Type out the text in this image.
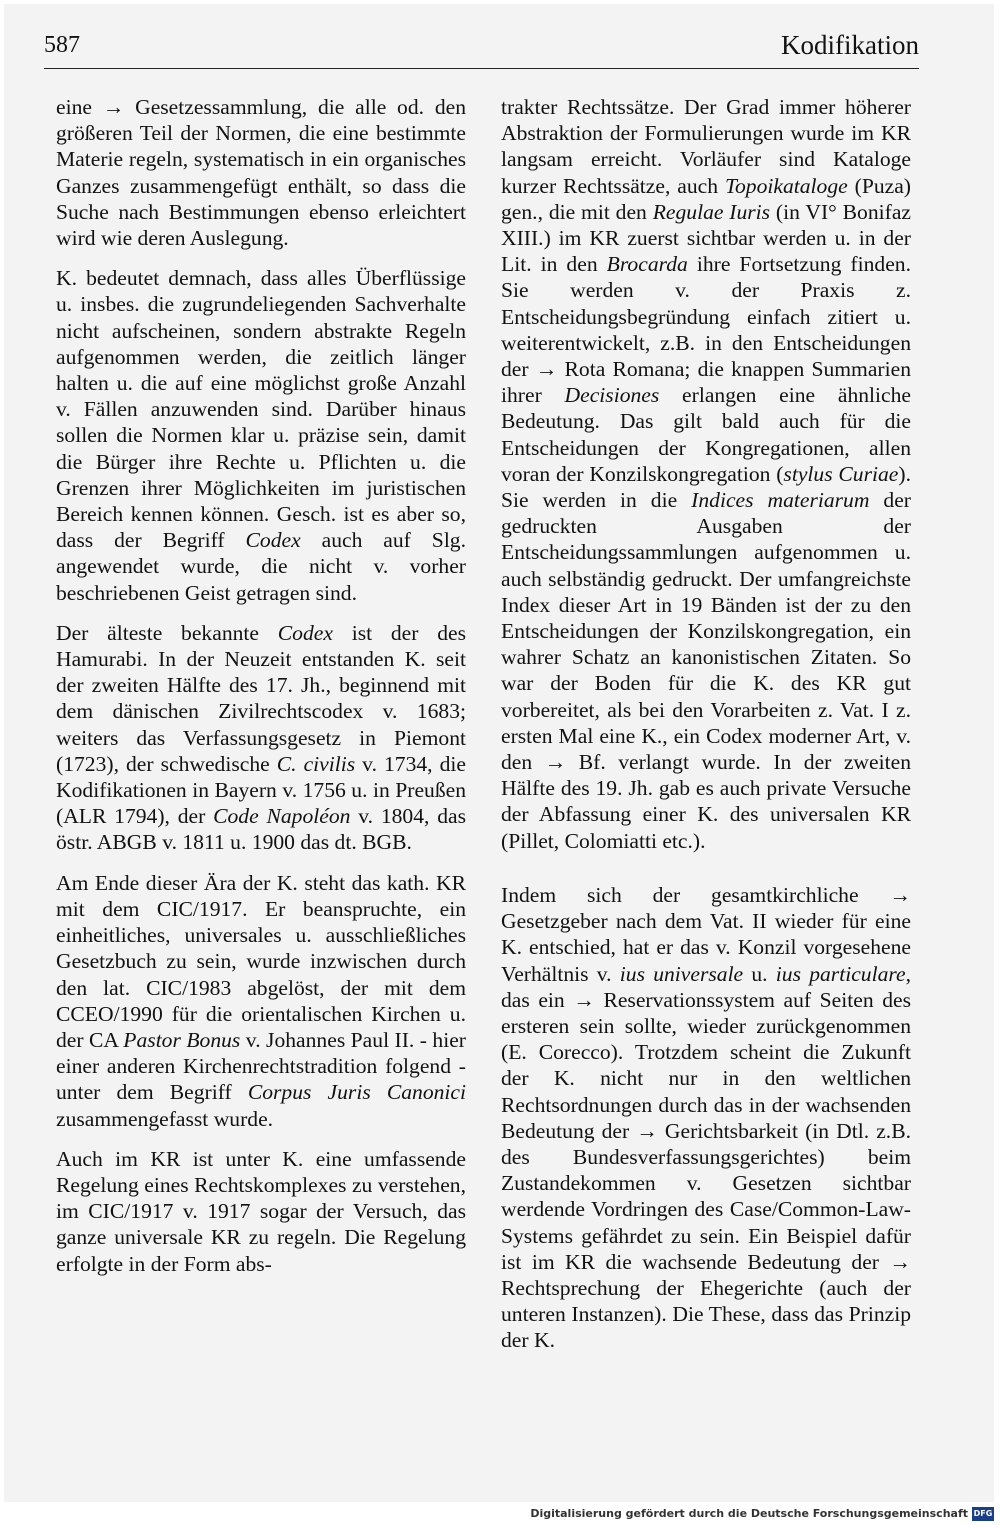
587	Kodifikation

eine → Gesetzessammlung, die alle od. den größeren Teil der Normen, die eine bestimmte Materie regeln, systematisch in ein organisches Ganzes zusammengefügt enthält, so dass die Suche nach Bestimmungen ebenso erleichtert wird wie deren Auslegung.

K. bedeutet demnach, dass alles Überflüssige u. insbes. die zugrundeliegenden Sachverhalte nicht aufscheinen, sondern abstrakte Regeln aufgenommen werden, die zeitlich länger halten u. die auf eine möglichst große Anzahl v. Fällen anzuwenden sind. Darüber hinaus sollen die Normen klar u. präzise sein, damit die Bürger ihre Rechte u. Pflichten u. die Grenzen ihrer Möglichkeiten im juristischen Bereich kennen können. Gesch. ist es aber so, dass der Begriff Codex auch auf Slg. angewendet wurde, die nicht v. vorher beschriebenen Geist getragen sind.

Der älteste bekannte Codex ist der des Hamurabi. In der Neuzeit entstanden K. seit der zweiten Hälfte des 17. Jh., beginnend mit dem dänischen Zivilrechtscodex v. 1683; weiters das Verfassungsgesetz in Piemont (1723), der schwedische C. civilis v. 1734, die Kodifikationen in Bayern v. 1756 u. in Preußen (ALR 1794), der Code Napoléon v. 1804, das östr. ABGB v. 1811 u. 1900 das dt. BGB.

Am Ende dieser Ära der K. steht das kath. KR mit dem CIC/1917. Er beanspruchte, ein einheitliches, universales u. ausschließliches Gesetzbuch zu sein, wurde inzwischen durch den lat. CIC/1983 abgelöst, der mit dem CCEO/1990 für die orientalischen Kirchen u. der CA Pastor Bonus v. Johannes Paul II. - hier einer anderen Kirchenrechtstradition folgend - unter dem Begriff Corpus Juris Canonici zusammengefasst wurde.

Auch im KR ist unter K. eine umfassende Regelung eines Rechtskomplexes zu verstehen, im CIC/1917 v. 1917 sogar der Versuch, das ganze universale KR zu regeln. Die Regelung erfolgte in der Form abs-

trakter Rechtssätze. Der Grad immer höherer Abstraktion der Formulierungen wurde im KR langsam erreicht. Vorläufer sind Kataloge kurzer Rechtssätze, auch Topoikataloge (Puza) gen., die mit den Regulae Iuris (in VI° Bonifaz XIII.) im KR zuerst sichtbar werden u. in der Lit. in den Brocarda ihre Fortsetzung finden. Sie werden v. der Praxis z. Entscheidungsbegründung einfach zitiert u. weiterentwickelt, z.B. in den Entscheidungen der → Rota Romana; die knappen Summarien ihrer Decisiones erlangen eine ähnliche Bedeutung. Das gilt bald auch für die Entscheidungen der Kongregationen, allen voran der Konzilskongregation (stylus Curiae). Sie werden in die Indices materiarum der gedruckten Ausgaben der Entscheidungssammlungen aufgenommen u. auch selbständig gedruckt. Der umfangreichste Index dieser Art in 19 Bänden ist der zu den Entscheidungen der Konzilskongregation, ein wahrer Schatz an kanonistischen Zitaten. So war der Boden für die K. des KR gut vorbereitet, als bei den Vorarbeiten z. Vat. I z. ersten Mal eine K., ein Codex moderner Art, v. den → Bf. verlangt wurde. In der zweiten Hälfte des 19. Jh. gab es auch private Versuche der Abfassung einer K. des universalen KR (Pillet, Colomiatti etc.).

Indem sich der gesamtkirchliche → Gesetzgeber nach dem Vat. II wieder für eine K. entschied, hat er das v. Konzil vorgesehene Verhältnis v. ius universale u. ius particulare, das ein → Reservationssystem auf Seiten des ersteren sein sollte, wieder zurückgenommen (E. Corecco). Trotzdem scheint die Zukunft der K. nicht nur in den weltlichen Rechtsordnungen durch das in der wachsenden Bedeutung der → Gerichtsbarkeit (in Dtl. z.B. des Bundesverfassungsgerichtes) beim Zustandekommen v. Gesetzen sichtbar werdende Vordringen des Case/Common-Law-Systems gefährdet zu sein. Ein Beispiel dafür ist im KR die wachsende Bedeutung der → Rechtsprechung der Ehegerichte (auch der unteren Instanzen). Die These, dass das Prinzip der K.

Digitalisierung gefördert durch die Deutsche Forschungsgemeinschaft DFG
